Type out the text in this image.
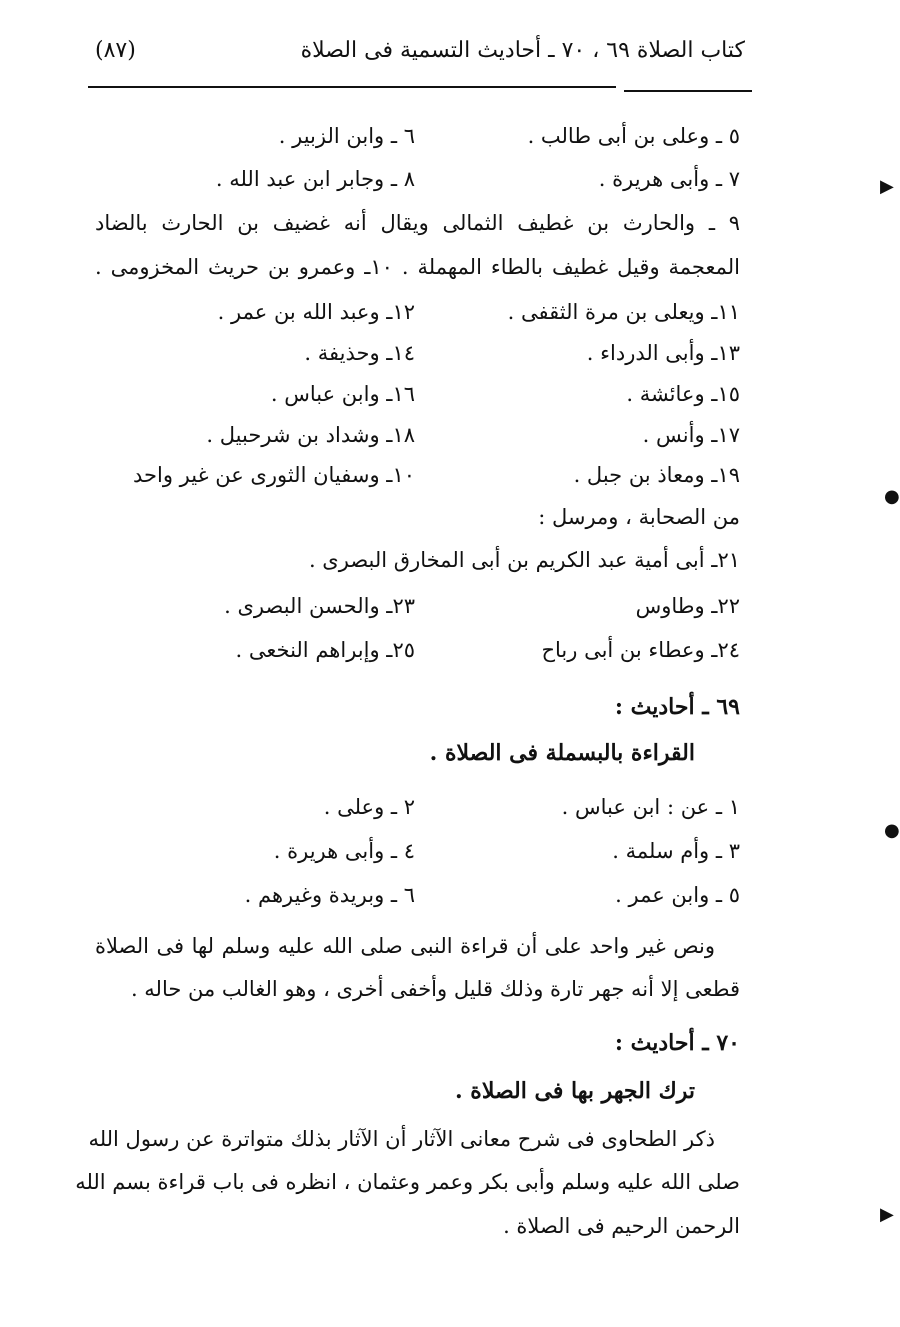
كتاب الصلاة ٦٩ ، ٧٠ ـ أحاديث التسمية فى الصلاة
(٨٧)
٥ ـ وعلى بن أبى طالب .
٦ ـ وابن الزبير .
٧ ـ وأبى هريرة .
٨ ـ وجابر ابن عبد الله .
٩ ـ والحارث بن غطيف الثمالى ويقال أنه غضيف بن الحارث بالضاد
المعجمة وقيل غطيف بالطاء المهملة . ١٠ـ وعمرو بن حريث المخزومى .
١١ـ ويعلى بن مرة الثقفى .
١٢ـ وعبد الله بن عمر .
١٣ـ وأبى الدرداء .
١٤ـ وحذيفة .
١٥ـ وعائشة .
١٦ـ وابن عباس .
١٧ـ وأنس .
١٨ـ وشداد بن شرحبيل .
١٩ـ ومعاذ بن جبل .
١٠ـ وسفيان الثورى عن غير واحد
من الصحابة ، ومرسل :
٢١ـ أبى أمية عبد الكريم بن أبى المخارق البصرى .
٢٢ـ وطاوس
٢٣ـ والحسن البصرى .
٢٤ـ وعطاء بن أبى رباح
٢٥ـ وإبراهم النخعى .
٦٩ ـ أحاديث :
القراءة بالبسملة فى الصلاة .
١ ـ عن : ابن عباس .
٢ ـ وعلى .
٣ ـ وأم سلمة .
٤ ـ وأبى هريرة .
٥ ـ وابن عمر .
٦ ـ وبريدة وغيرهم .
ونص غير واحد على أن قراءة النبى صلى الله عليه وسلم لها فى الصلاة
قطعى إلا أنه جهر تارة وذلك قليل وأخفى أخرى ، وهو الغالب من حاله .
٧٠ ـ أحاديث :
ترك الجهر بها فى الصلاة .
ذكر الطحاوى فى شرح معانى الآثار أن الآثار بذلك متواترة عن رسول الله
صلى الله عليه وسلم وأبى بكر وعمر وعثمان ، انظره فى باب قراءة بسم الله
الرحمن الرحيم فى الصلاة .
▶
●
●
▶
